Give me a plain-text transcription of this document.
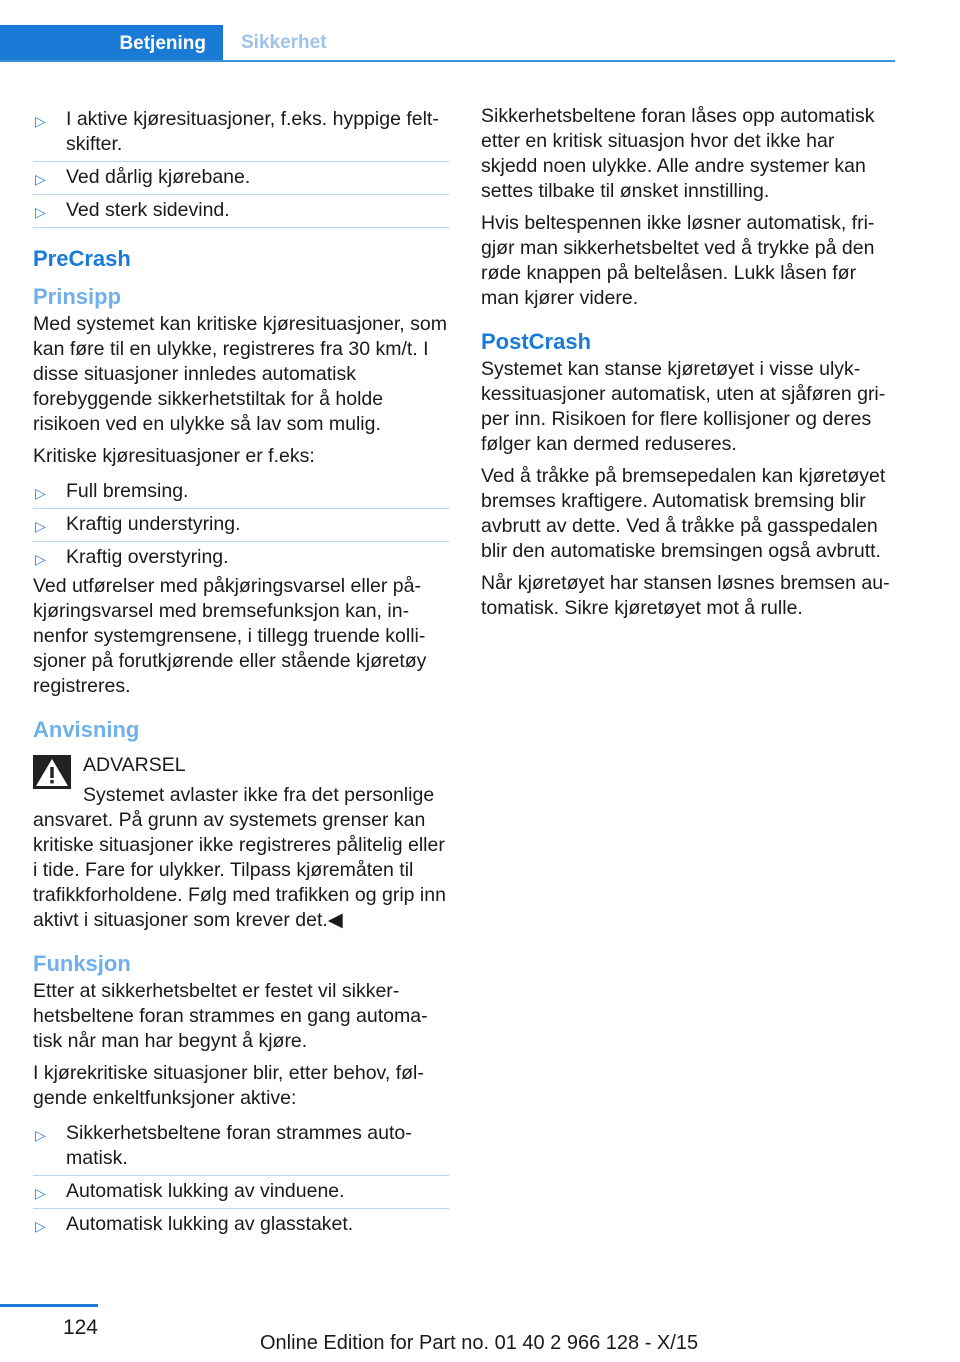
Betjening	Sikkerhet
▷ I aktive kjøresituasjoner, f.eks. hyppige feltskifter.
▷ Ved dårlig kjørebane.
▷ Ved sterk sidevind.
PreCrash
Prinsipp

Med systemet kan kritiske kjøresituasjoner, som kan føre til en ulykke, registreres fra 30 km/t. I disse situasjoner innledes automatisk forebyggende sikkerhetstiltak for å holde risikoen ved en ulykke så lav som mulig.

Kritiske kjøresituasjoner er f.eks:

▷ Full bremsing.
▷ Kraftig understyring.
▷ Kraftig overstyring.

Ved utførelser med påkjøringsvarsel eller påkjøringsvarsel med bremsefunksjon kan, innenfor systemgrensene, i tillegg truende kollisjoner på forutkjørende eller stående kjøretøy registreres.

Anvisning
ADVARSEL
Systemet avlaster ikke fra det personlige

ansvaret. På grunn av systemets grenser kan kritiske situasjoner ikke registreres pålitelig eller i tide. Fare for ulykker. Tilpass kjøremåten til trafikkforholdene. Følg med trafikken og grip inn aktivt i situasjoner som krever det.◀

Funksjon

Etter at sikkerhetsbeltet er festet vil sikkerhetsbeltene foran strammes en gang automatisk når man har begynt å kjøre.

I kjørekritiske situasjoner blir, etter behov, følgende enkeltfunksjoner aktive:

▷ Sikkerhetsbeltene foran strammes automatisk.
▷ Automatisk lukking av vinduene.
▷ Automatisk lukking av glasstaket.

Sikkerhetsbeltene foran låses opp automatisk etter en kritisk situasjon hvor det ikke har skjedd noen ulykke. Alle andre systemer kan settes tilbake til ønsket innstilling.

Hvis beltespennen ikke løsner automatisk, frigjør man sikkerhetsbeltet ved å trykke på den røde knappen på beltelåsen. Lukk låsen før man kjører videre.

PostCrash

Systemet kan stanse kjøretøyet i visse ulykkessituasjoner automatisk, uten at sjåføren griper inn. Risikoen for flere kollisjoner og deres følger kan dermed reduseres.

Ved å tråkke på bremsepedalen kan kjøretøyet bremses kraftigere. Automatisk bremsing blir avbrutt av dette. Ved å tråkke på gasspedalen blir den automatiske bremsingen også avbrutt.

Når kjøretøyet har stansen løsnes bremsen automatisk. Sikre kjøretøyet mot å rulle.

124
Online Edition for Part no. 01 40 2 966 128 - X/15
